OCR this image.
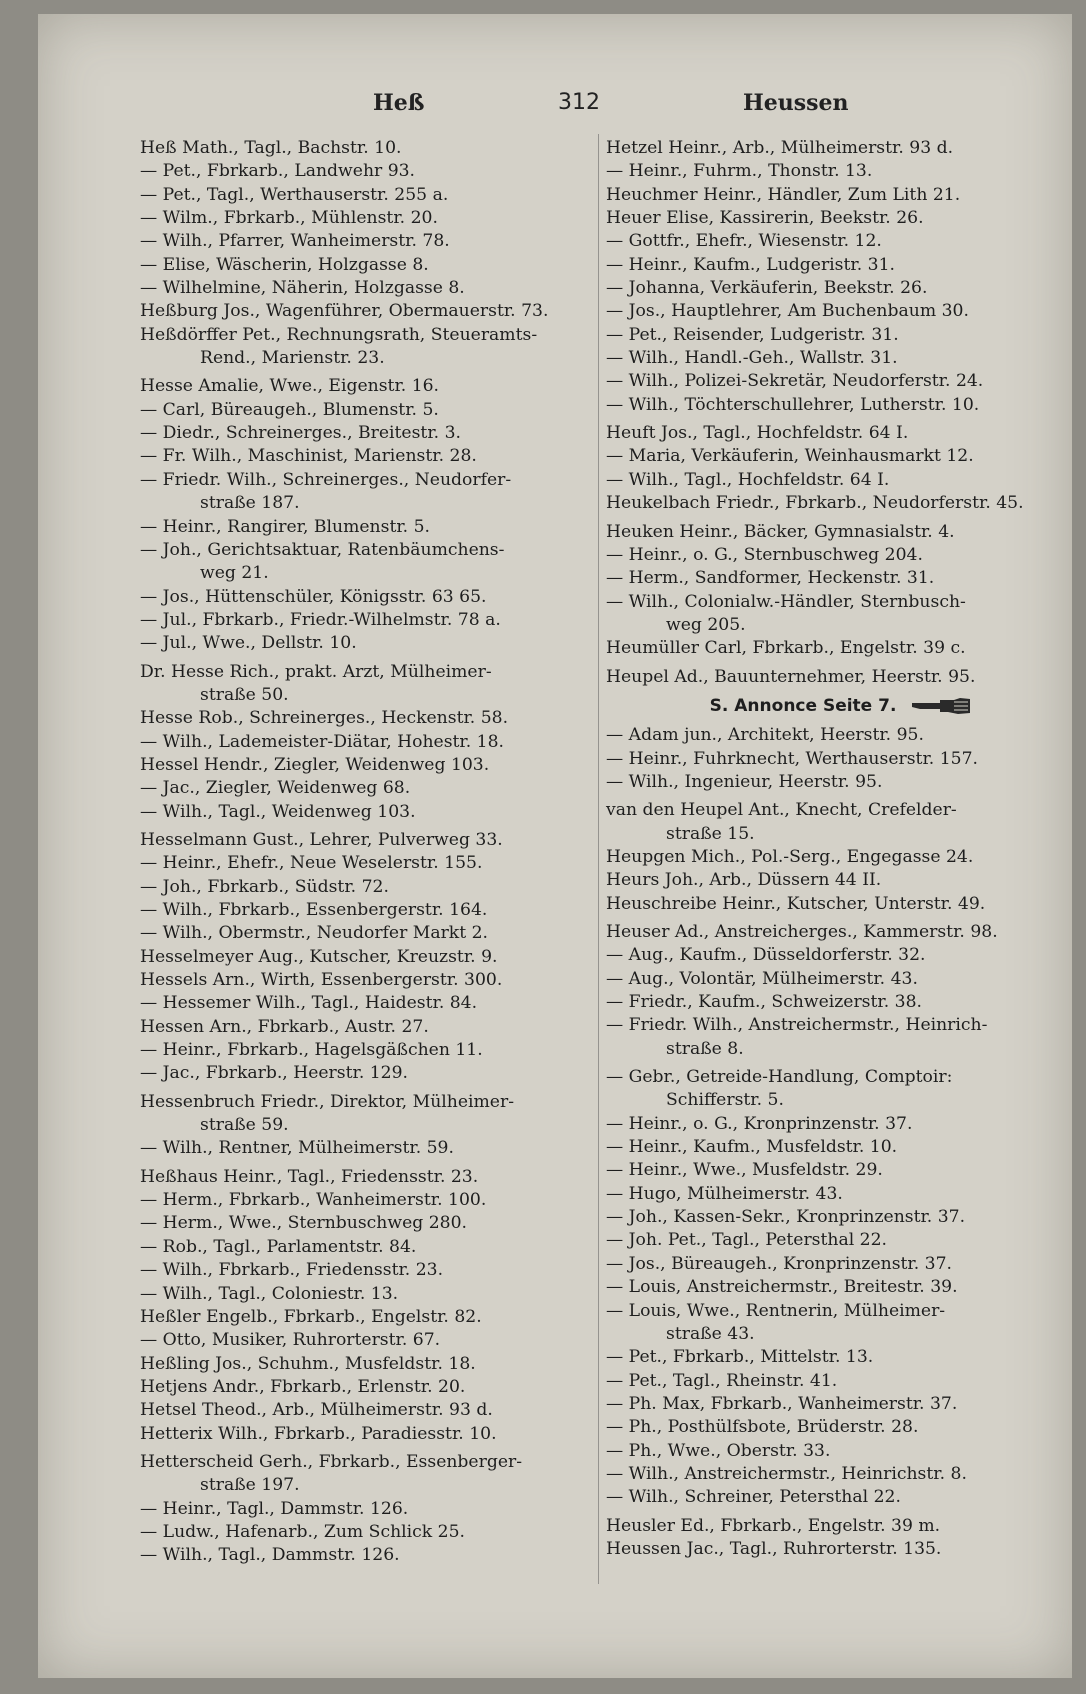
Heß	312	Heussen
Heß Math., Tagl., Bachstr. 10.
— Pet., Fbrkarb., Landwehr 93.
— Pet., Tagl., Werthauserstr. 255 a.
— Wilm., Fbrkarb., Mühlenstr. 20.
— Wilh., Pfarrer, Wanheimerstr. 78.
— Elise, Wäscherin, Holzgasse 8.
— Wilhelmine, Näherin, Holzgasse 8.
Heßburg Jos., Wagenführer, Obermauerstr. 73.
Heßdörffer Pet., Rechnungsrath, Steueramts-
Rend., Marienstr. 23.
Hesse Amalie, Wwe., Eigenstr. 16.
— Carl, Büreaugeh., Blumenstr. 5.
— Diedr., Schreinerges., Breitestr. 3.
— Fr. Wilh., Maschinist, Marienstr. 28.
— Friedr. Wilh., Schreinerges., Neudorfer-
straße 187.
— Heinr., Rangirer, Blumenstr. 5.
— Joh., Gerichtsaktuar, Ratenbäumchens-
weg 21.
— Jos., Hüttenschüler, Königsstr. 63 65.
— Jul., Fbrkarb., Friedr.-Wilhelmstr. 78 a.
— Jul., Wwe., Dellstr. 10.
Dr. Hesse Rich., prakt. Arzt, Mülheimer-
straße 50.
Hesse Rob., Schreinerges., Heckenstr. 58.
— Wilh., Lademeister-Diätar, Hohestr. 18.
Hessel Hendr., Ziegler, Weidenweg 103.
— Jac., Ziegler, Weidenweg 68.
— Wilh., Tagl., Weidenweg 103.
Hesselmann Gust., Lehrer, Pulverweg 33.
— Heinr., Ehefr., Neue Weselerstr. 155.
— Joh., Fbrkarb., Südstr. 72.
— Wilh., Fbrkarb., Essenbergerstr. 164.
— Wilh., Obermstr., Neudorfer Markt 2.
Hesselmeyer Aug., Kutscher, Kreuzstr. 9.
Hessels Arn., Wirth, Essenbergerstr. 300.
— Hessemer Wilh., Tagl., Haidestr. 84.
Hessen Arn., Fbrkarb., Austr. 27.
— Heinr., Fbrkarb., Hagelsgäßchen 11.
— Jac., Fbrkarb., Heerstr. 129.
Hessenbruch Friedr., Direktor, Mülheimer-
straße 59.
— Wilh., Rentner, Mülheimerstr. 59.
Heßhaus Heinr., Tagl., Friedensstr. 23.
— Herm., Fbrkarb., Wanheimerstr. 100.
— Herm., Wwe., Sternbuschweg 280.
— Rob., Tagl., Parlamentstr. 84.
— Wilh., Fbrkarb., Friedensstr. 23.
— Wilh., Tagl., Coloniestr. 13.
Heßler Engelb., Fbrkarb., Engelstr. 82.
— Otto, Musiker, Ruhrorterstr. 67.
Heßling Jos., Schuhm., Musfeldstr. 18.
Hetjens Andr., Fbrkarb., Erlenstr. 20.
Hetsel Theod., Arb., Mülheimerstr. 93 d.
Hetterix Wilh., Fbrkarb., Paradiesstr. 10.
Hetterscheid Gerh., Fbrkarb., Essenberger-
straße 197.
— Heinr., Tagl., Dammstr. 126.
— Ludw., Hafenarb., Zum Schlick 25.
— Wilh., Tagl., Dammstr. 126.
Hetzel Heinr., Arb., Mülheimerstr. 93 d.
— Heinr., Fuhrm., Thonstr. 13.
Heuchmer Heinr., Händler, Zum Lith 21.
Heuer Elise, Kassirerin, Beekstr. 26.
— Gottfr., Ehefr., Wiesenstr. 12.
— Heinr., Kaufm., Ludgeristr. 31.
— Johanna, Verkäuferin, Beekstr. 26.
— Jos., Hauptlehrer, Am Buchenbaum 30.
— Pet., Reisender, Ludgeristr. 31.
— Wilh., Handl.-Geh., Wallstr. 31.
— Wilh., Polizei-Sekretär, Neudorferstr. 24.
— Wilh., Töchterschullehrer, Lutherstr. 10.
Heuft Jos., Tagl., Hochfeldstr. 64 I.
— Maria, Verkäuferin, Weinhausmarkt 12.
— Wilh., Tagl., Hochfeldstr. 64 I.
Heukelbach Friedr., Fbrkarb., Neudorferstr. 45.
Heuken Heinr., Bäcker, Gymnasialstr. 4.
— Heinr., o. G., Sternbuschweg 204.
— Herm., Sandformer, Heckenstr. 31.
— Wilh., Colonialw.-Händler, Sternbusch-
weg 205.
Heumüller Carl, Fbrkarb., Engelstr. 39 c.
Heupel Ad., Bauunternehmer, Heerstr. 95.
S. Annonce Seite 7.
— Adam jun., Architekt, Heerstr. 95.
— Heinr., Fuhrknecht, Werthauserstr. 157.
— Wilh., Ingenieur, Heerstr. 95.
van den Heupel Ant., Knecht, Crefelder-
straße 15.
Heupgen Mich., Pol.-Serg., Engegasse 24.
Heurs Joh., Arb., Düssern 44 II.
Heuschreibe Heinr., Kutscher, Unterstr. 49.
Heuser Ad., Anstreicherges., Kammerstr. 98.
— Aug., Kaufm., Düsseldorferstr. 32.
— Aug., Volontär, Mülheimerstr. 43.
— Friedr., Kaufm., Schweizerstr. 38.
— Friedr. Wilh., Anstreichermstr., Heinrich-
straße 8.
— Gebr., Getreide-Handlung, Comptoir:
Schifferstr. 5.
— Heinr., o. G., Kronprinzenstr. 37.
— Heinr., Kaufm., Musfeldstr. 10.
— Heinr., Wwe., Musfeldstr. 29.
— Hugo, Mülheimerstr. 43.
— Joh., Kassen-Sekr., Kronprinzenstr. 37.
— Joh. Pet., Tagl., Petersthal 22.
— Jos., Büreaugeh., Kronprinzenstr. 37.
— Louis, Anstreichermstr., Breitestr. 39.
— Louis, Wwe., Rentnerin, Mülheimer-
straße 43.
— Pet., Fbrkarb., Mittelstr. 13.
— Pet., Tagl., Rheinstr. 41.
— Ph. Max, Fbrkarb., Wanheimerstr. 37.
— Ph., Posthülfsbote, Brüderstr. 28.
— Ph., Wwe., Oberstr. 33.
— Wilh., Anstreichermstr., Heinrichstr. 8.
— Wilh., Schreiner, Petersthal 22.
Heusler Ed., Fbrkarb., Engelstr. 39 m.
Heussen Jac., Tagl., Ruhrorterstr. 135.
